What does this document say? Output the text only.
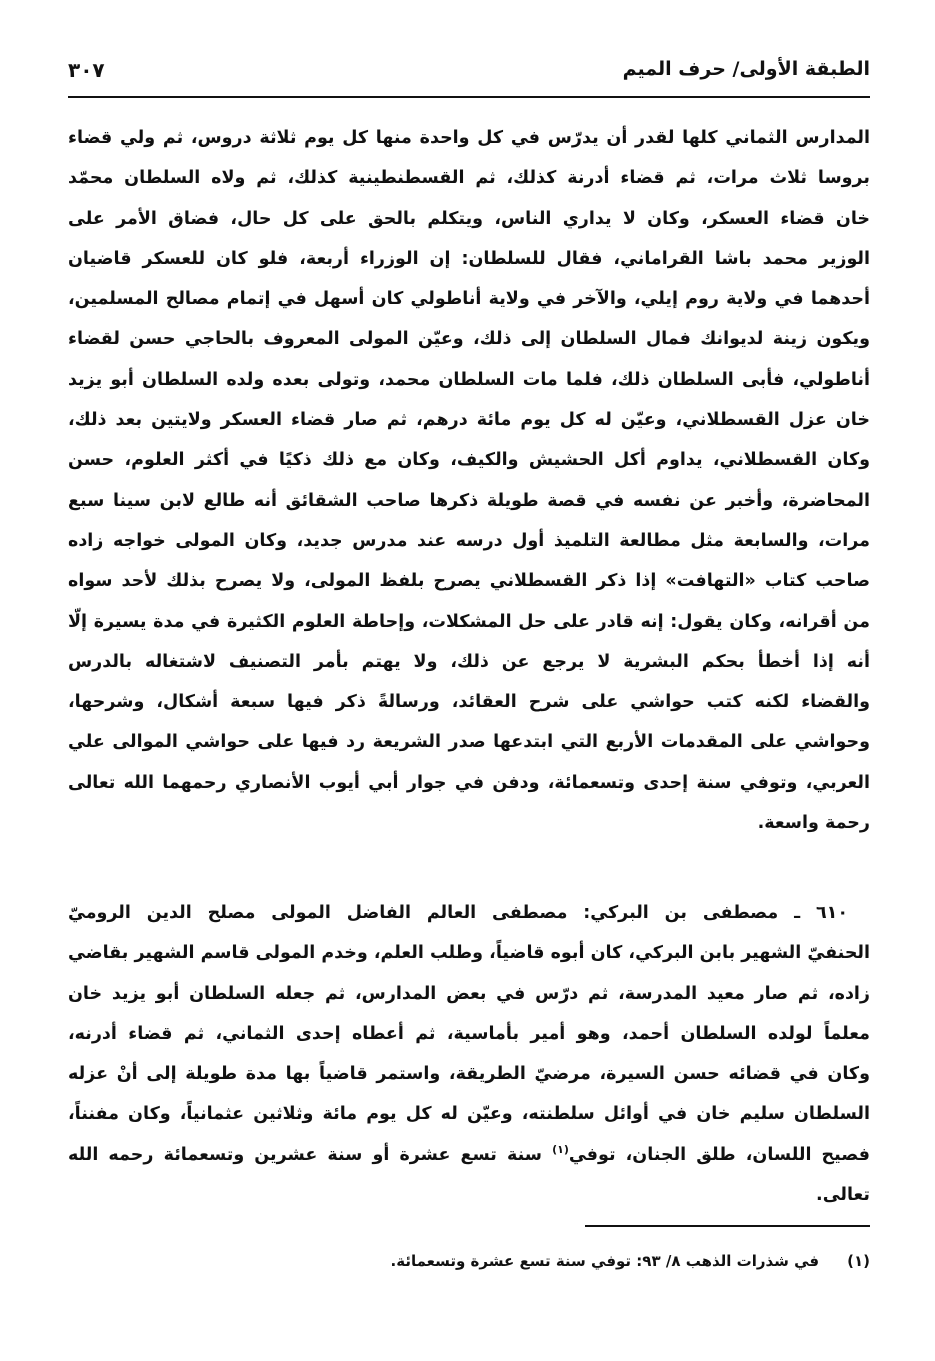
الطبقة الأولى/ حرف الميم
٣٠٧
المدارس الثماني كلها لقدر أن يدرّس في كل واحدة منها كل يوم ثلاثة دروس، ثم ولي قضاء
بروسا ثلاث مرات، ثم قضاء أدرنة كذلك، ثم القسطنطينية كذلك، ثم ولاه السلطان محمّد
خان قضاء العسكر، وكان لا يداري الناس، ويتكلم بالحق على كل حال، فضاق الأمر على
الوزير محمد باشا القراماني، فقال للسلطان: إن الوزراء أربعة، فلو كان للعسكر قاضيان
أحدهما في ولاية روم إيلي، والآخر في ولاية أناطولي كان أسهل في إتمام مصالح المسلمين،
ويكون زينة لديوانك فمال السلطان إلى ذلك، وعيّن المولى المعروف بالحاجي حسن لقضاء
أناطولي، فأبى السلطان ذلك، فلما مات السلطان محمد، وتولى بعده ولده السلطان أبو يزيد
خان عزل القسطلاني، وعيّن له كل يوم مائة درهم، ثم صار قضاء العسكر ولايتين بعد ذلك،
وكان القسطلاني، يداوم أكل الحشيش والكيف، وكان مع ذلك ذكيًا في أكثر العلوم، حسن
المحاضرة، وأخبر عن نفسه في قصة طويلة ذكرها صاحب الشقائق أنه طالع لابن سينا سبع
مرات، والسابعة مثل مطالعة التلميذ أول درسه عند مدرس جديد، وكان المولى خواجه زاده
صاحب كتاب «التهافت» إذا ذكر القسطلاني يصرح بلفظ المولى، ولا يصرح بذلك لأحد سواه
من أقرانه، وكان يقول: إنه قادر على حل المشكلات، وإحاطة العلوم الكثيرة في مدة يسيرة إلّا
أنه إذا أخطأ بحكم البشرية لا يرجع عن ذلك، ولا يهتم بأمر التصنيف لاشتغاله بالدرس
والقضاء لكنه كتب حواشي على شرح العقائد، ورسالةً ذكر فيها سبعة أشكال، وشرحها،
وحواشي على المقدمات الأربع التي ابتدعها صدر الشريعة رد فيها على حواشي الموالى علي
العربي، وتوفي سنة إحدى وتسعمائة، ودفن في جوار أبي أيوب الأنصاري رحمهما الله تعالى
رحمة واسعة.
٦١٠ ـ مصطفى بن البركي: مصطفى العالم الفاضل المولى مصلح الدين الروميّ
الحنفيّ الشهير بابن البركي، كان أبوه قاضياً، وطلب العلم، وخدم المولى قاسم الشهير بقاضي
زاده، ثم صار معيد المدرسة، ثم درّس في بعض المدارس، ثم جعله السلطان أبو يزيد خان
معلماً لولده السلطان أحمد، وهو أمير بأماسية، ثم أعطاه إحدى الثماني، ثم قضاء أدرنه،
وكان في قضائه حسن السيرة، مرضيّ الطريقة، واستمر قاضياً بها مدة طويلة إلى أنْ عزله
السلطان سليم خان في أوائل سلطنته، وعيّن له كل يوم مائة وثلاثين عثمانياً، وكان مفنناً،
فصيح اللسان، طلق الجنان، توفي$^{(١)}$ سنة تسع عشرة أو سنة عشرين وتسعمائة رحمه الله
تعالى.
(١)في شذرات الذهب ٨/ ٩٣: توفي سنة تسع عشرة وتسعمائة.
